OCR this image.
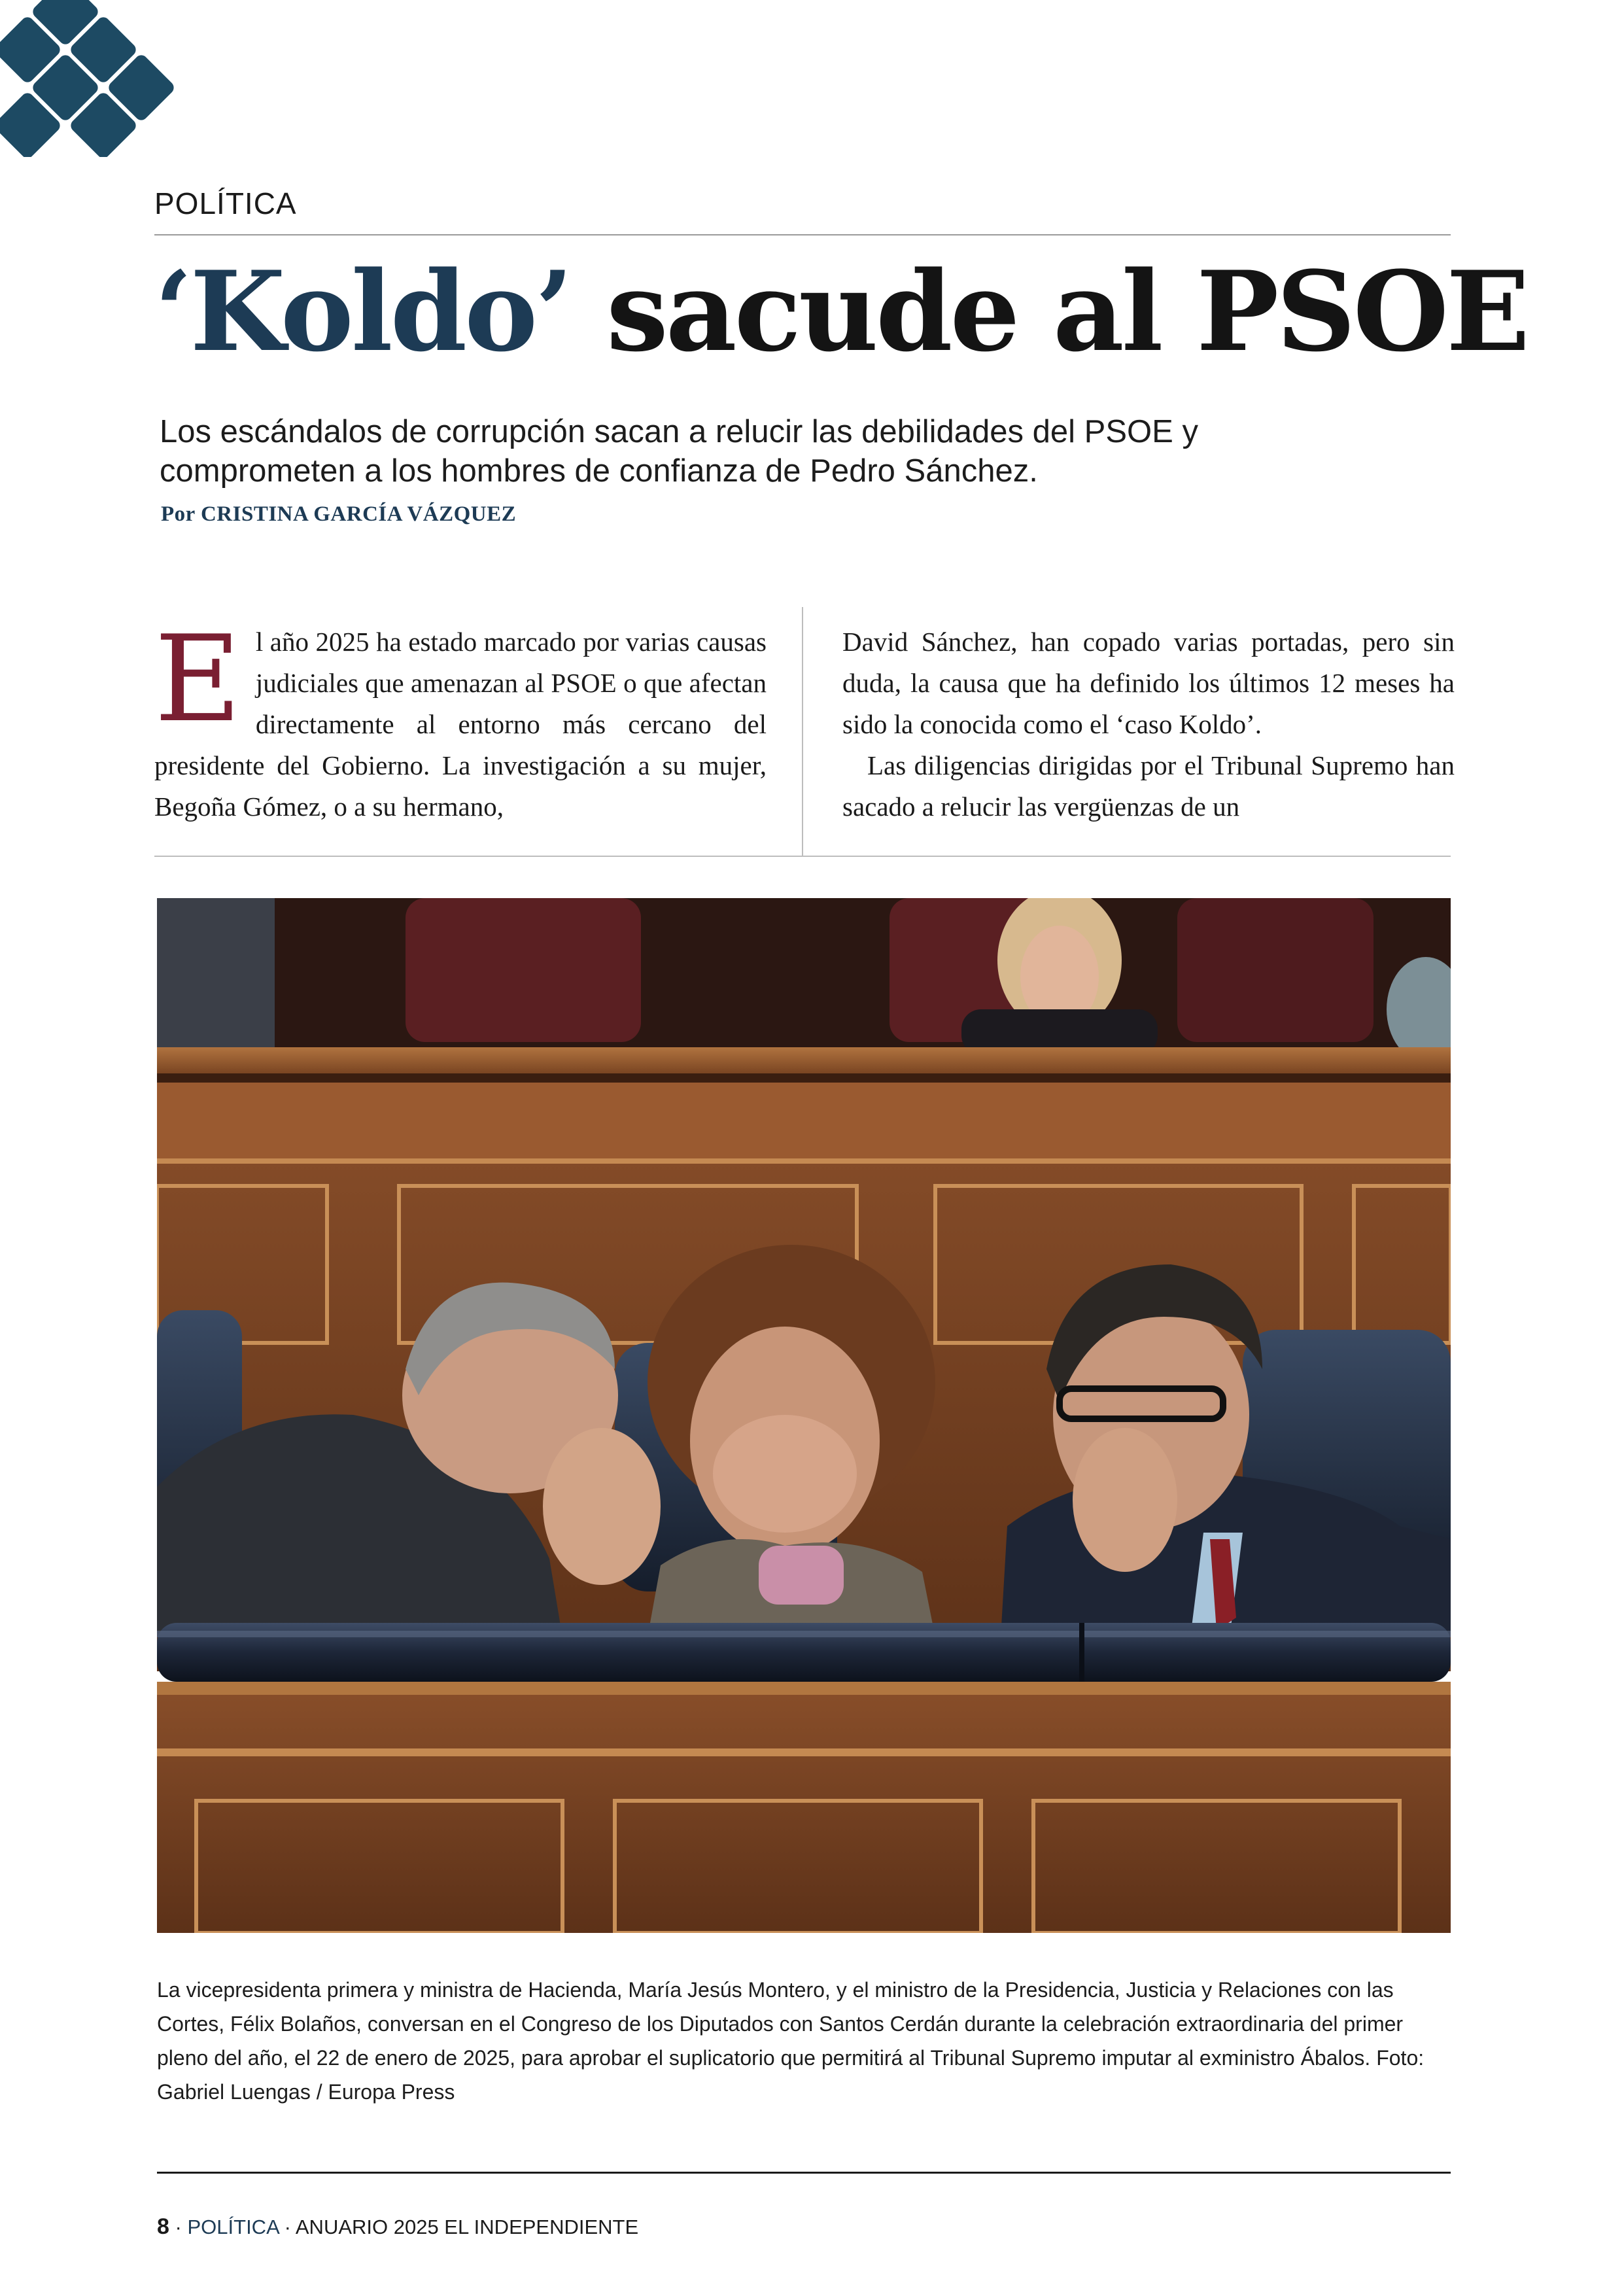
POLÍTICA
‘Koldo’ sacude al PSOE
Los escándalos de corrupción sacan a relucir las debilidades del PSOE y comprometen a los hombres de confianza de Pedro Sánchez.
Por CRISTINA GARCÍA VÁZQUEZ

El año 2025 ha estado marcado por varias causas judiciales que amenazan al PSOE o que afectan directamente al entorno más cercano del presidente del Gobierno. La investigación a su mujer, Begoña Gómez, o a su hermano,

David Sánchez, han copado varias portadas, pero sin duda, la causa que ha definido los últimos 12 meses ha sido la conocida como el ‘caso Koldo’.

Las diligencias dirigidas por el Tribunal Supremo han sacado a relucir las vergüenzas de un

La vicepresidenta primera y ministra de Hacienda, María Jesús Montero, y el ministro de la Presidencia, Justicia y Relaciones con las Cortes, Félix Bolaños, conversan en el Congreso de los Diputados con Santos Cerdán durante la celebración extraordinaria del primer pleno del año, el 22 de enero de 2025, para aprobar el suplicatorio que permitirá al Tribunal Supremo imputar al exministro Ábalos. Foto: Gabriel Luengas / Europa Press
8 · POLÍTICA · ANUARIO 2025 EL INDEPENDIENTE
